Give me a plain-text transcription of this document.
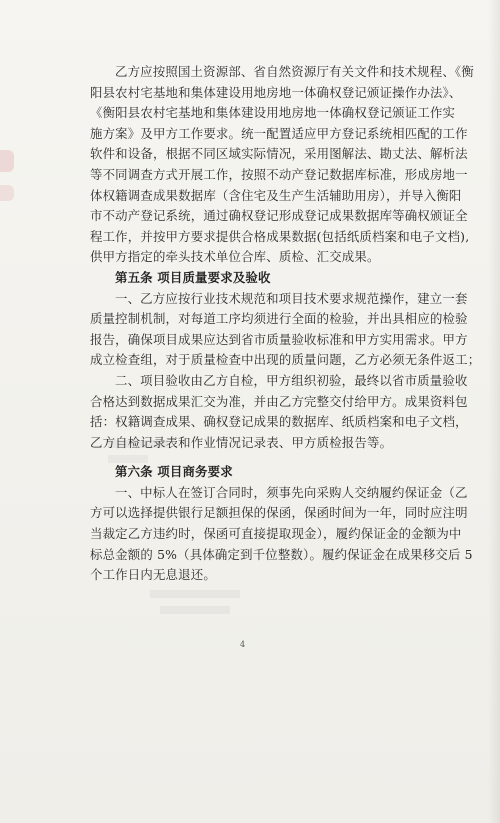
乙方应按照国土资源部、省自然资源厅有关文件和技术规程、《衡
阳县农村宅基地和集体建设用地房地一体确权登记颁证操作办法》、
《衡阳县农村宅基地和集体建设用地房地一体确权登记颁证工作实
施方案》及甲方工作要求。统一配置适应甲方登记系统相匹配的工作
软件和设备，根据不同区域实际情况，采用图解法、勘丈法、解析法
等不同调查方式开展工作，按照不动产登记数据库标准，形成房地一
体权籍调查成果数据库（含住宅及生产生活辅助用房），并导入衡阳
市不动产登记系统，通过确权登记形成登记成果数据库等确权颁证全
程工作，并按甲方要求提供合格成果数据(包括纸质档案和电子文档),
供甲方指定的牵头技术单位合库、质检、汇交成果。
第五条 项目质量要求及验收
一、乙方应按行业技术规范和项目技术要求规范操作，建立一套
质量控制机制，对每道工序均须进行全面的检验，并出具相应的检验
报告，确保项目成果应达到省市质量验收标准和甲方实用需求。甲方
成立检查组，对于质量检查中出现的质量问题，乙方必须无条件返工；
二、项目验收由乙方自检，甲方组织初验，最终以省市质量验收
合格达到数据成果汇交为准，并由乙方完整交付给甲方。成果资料包
括：权籍调查成果、确权登记成果的数据库、纸质档案和电子文档，
乙方自检记录表和作业情况记录表、甲方质检报告等。
第六条 项目商务要求
一、中标人在签订合同时，须事先向采购人交纳履约保证金（乙
方可以选择提供银行足额担保的保函，保函时间为一年，同时应注明
当裁定乙方违约时，保函可直接提取现金），履约保证金的金额为中
标总金额的 5%（具体确定到千位整数）。履约保证金在成果移交后 5
个工作日内无息退还。
4
